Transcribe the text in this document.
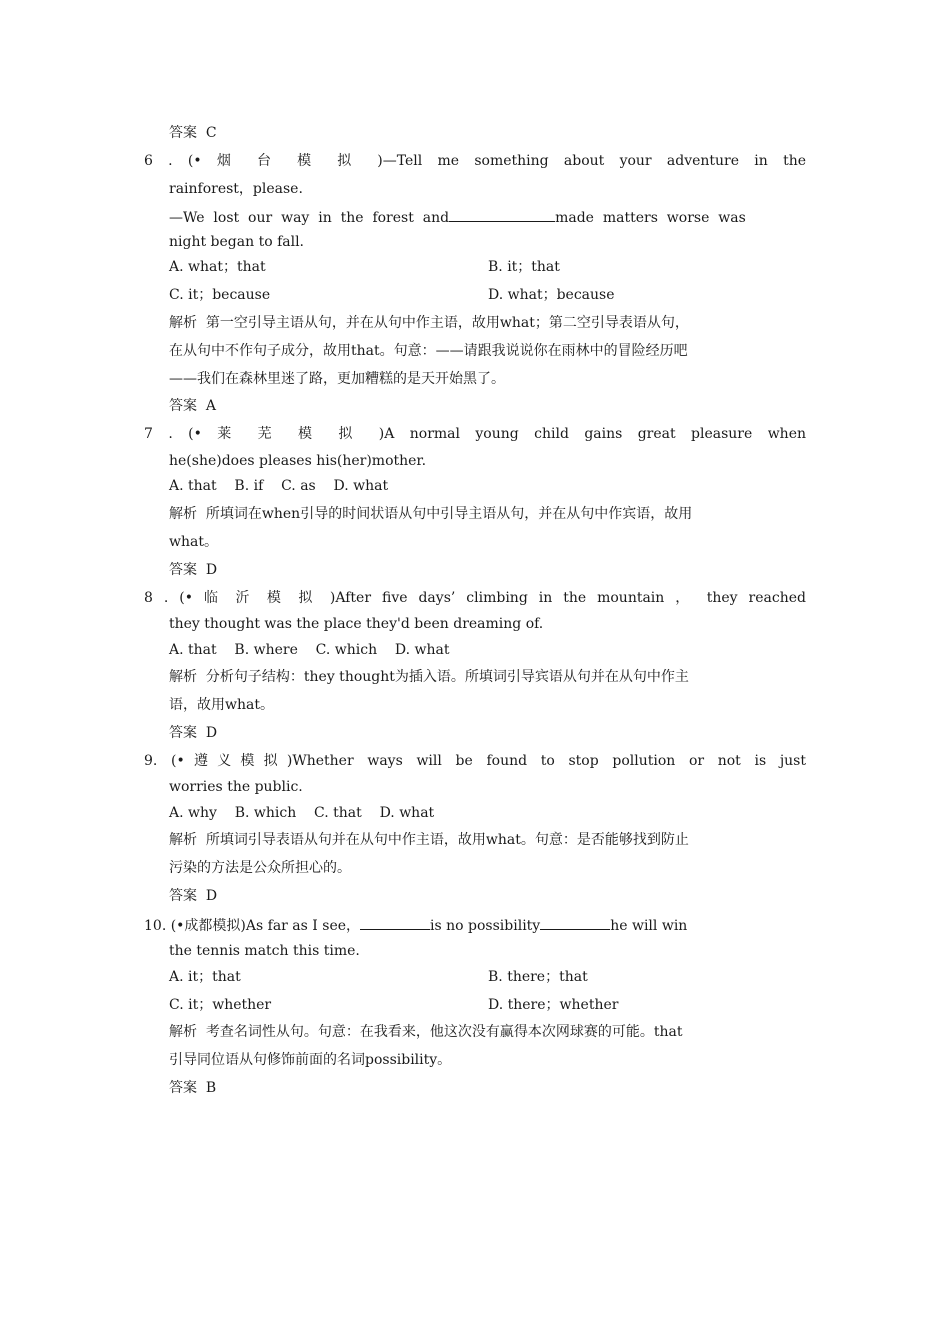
答案  C
6 . (• 烟 台 模 拟 )—Tell me something about your adventure in the
rainforest，please.
—We  lost  our  way  in  the  forest  and	made  matters  worse  was
night began to fall.
A. what；that	B. it；that
C. it；because	D. what；because
解析  第一空引导主语从句，并在从句中作主语，故用what；第二空引导表语从句，
在从句中不作句子成分，故用that。句意：——请跟我说说你在雨林中的冒险经历吧
——我们在森林里迷了路，更加糟糕的是天开始黑了。
答案  A
7 . (• 莱 芜 模 拟 )A normal young child gains great pleasure when
he(she)does pleases his(her)mother.
A. that    B. if    C. as    D. what
解析  所填词在when引导的时间状语从句中引导主语从句，并在从句中作宾语，故用
what。
答案  D
8 . (• 临 沂 模 拟 )After five days’ climbing in the mountain ， they reached
they thought was the place they'd been dreaming of.
A. that    B. where    C. which    D. what
解析  分析句子结构：they thought为插入语。所填词引导宾语从句并在从句中作主
语，故用what。
答案  D
9. (•遵义模拟)Whether ways will be found to stop pollution or not is just
worries the public.
A. why    B. which    C. that    D. what
解析  所填词引导表语从句并在从句中作主语，故用what。句意：是否能够找到防止
污染的方法是公众所担心的。
答案  D
10. (•成都模拟)As far as I see，	is no possibility	he will win
the tennis match this time.
A. it；that	B. there；that
C. it；whether	D. there；whether
解析  考查名词性从句。句意：在我看来，他这次没有赢得本次网球赛的可能。that
引导同位语从句修饰前面的名词possibility。
答案  B
